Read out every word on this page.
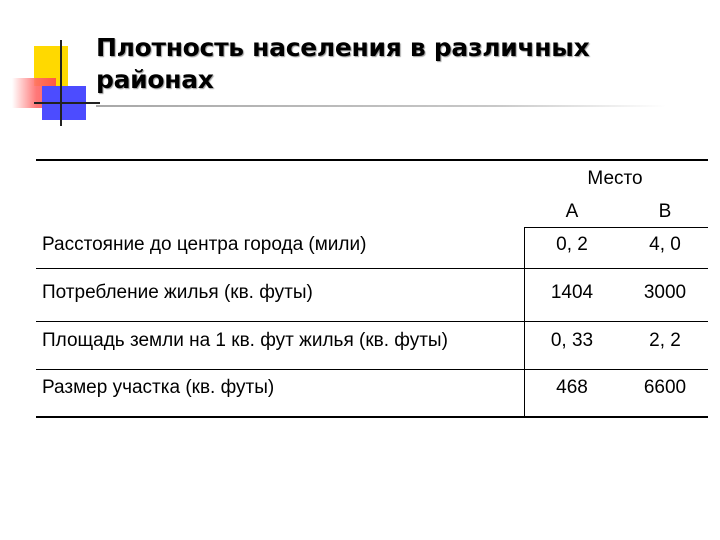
Плотность населения в различных
районах
Место
А	В
Расстояние до центра города (мили)	0, 2	4, 0
Потребление жилья (кв. футы)	1404	3000
Площадь земли на 1 кв. фут жилья (кв. футы)	0, 33	2, 2
Размер участка (кв. футы)	468	6600
